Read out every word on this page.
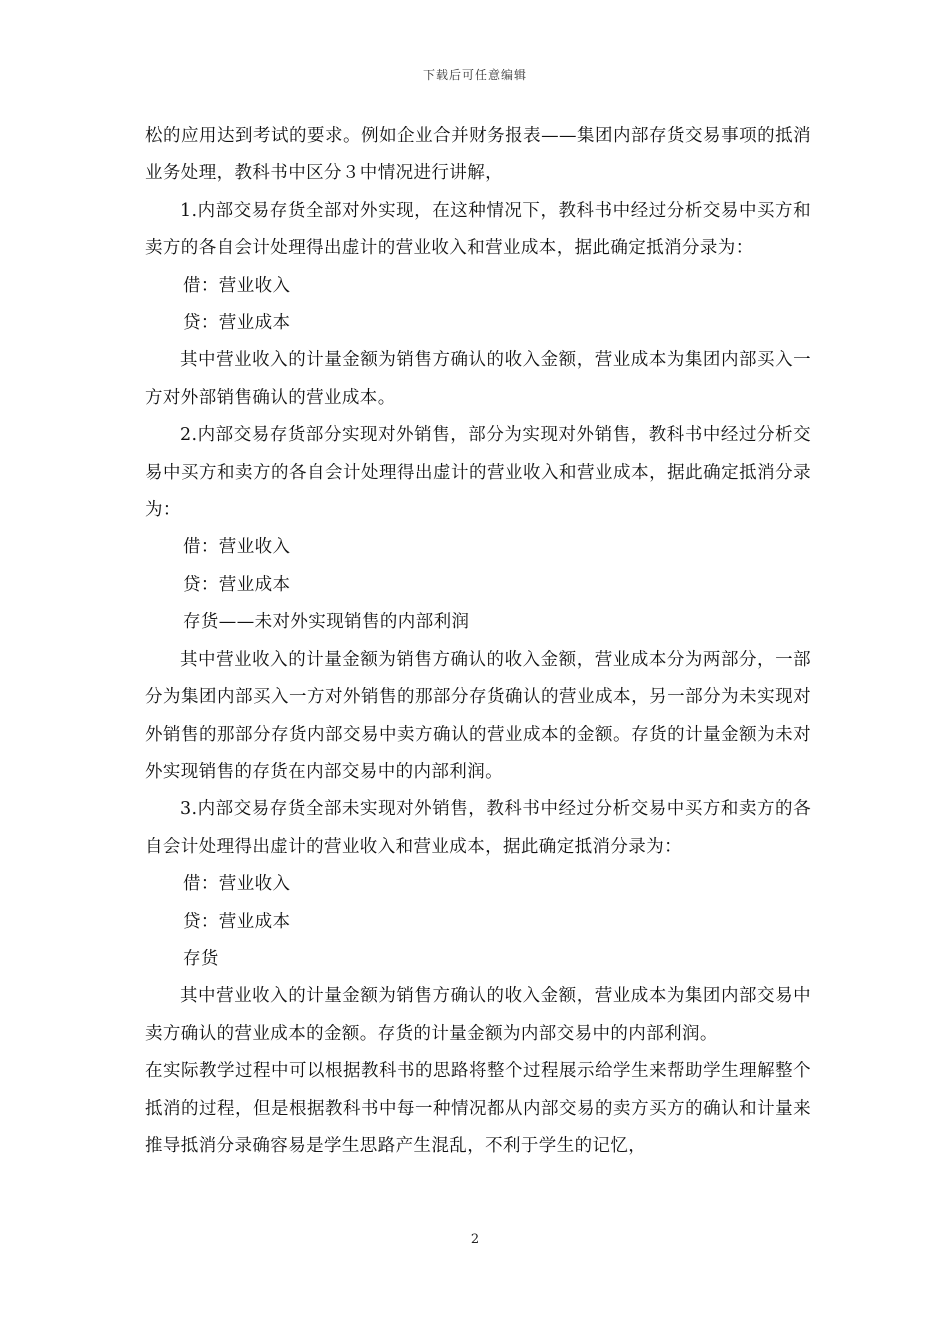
下载后可任意编辑

松的应用达到考试的要求。例如企业合并财务报表——集团内部存货交易事项的抵消业务处理，教科书中区分３中情况进行讲解，

1.内部交易存货全部对外实现，在这种情况下，教科书中经过分析交易中买方和卖方的各自会计处理得出虚计的营业收入和营业成本，据此确定抵消分录为：

借：营业收入

贷：营业成本

其中营业收入的计量金额为销售方确认的收入金额，营业成本为集团内部买入一方对外部销售确认的营业成本。

2.内部交易存货部分实现对外销售，部分为实现对外销售，教科书中经过分析交易中买方和卖方的各自会计处理得出虚计的营业收入和营业成本，据此确定抵消分录为：

借：营业收入

贷：营业成本

存货——未对外实现销售的内部利润

其中营业收入的计量金额为销售方确认的收入金额，营业成本分为两部分，一部分为集团内部买入一方对外销售的那部分存货确认的营业成本，另一部分为未实现对外销售的那部分存货内部交易中卖方确认的营业成本的金额。存货的计量金额为未对外实现销售的存货在内部交易中的内部利润。

3.内部交易存货全部未实现对外销售，教科书中经过分析交易中买方和卖方的各自会计处理得出虚计的营业收入和营业成本，据此确定抵消分录为：

借：营业收入

贷：营业成本

存货

其中营业收入的计量金额为销售方确认的收入金额，营业成本为集团内部交易中卖方确认的营业成本的金额。存货的计量金额为内部交易中的内部利润。

在实际教学过程中可以根据教科书的思路将整个过程展示给学生来帮助学生理解整个抵消的过程，但是根据教科书中每一种情况都从内部交易的卖方买方的确认和计量来推导抵消分录确容易是学生思路产生混乱，不利于学生的记忆，

2
